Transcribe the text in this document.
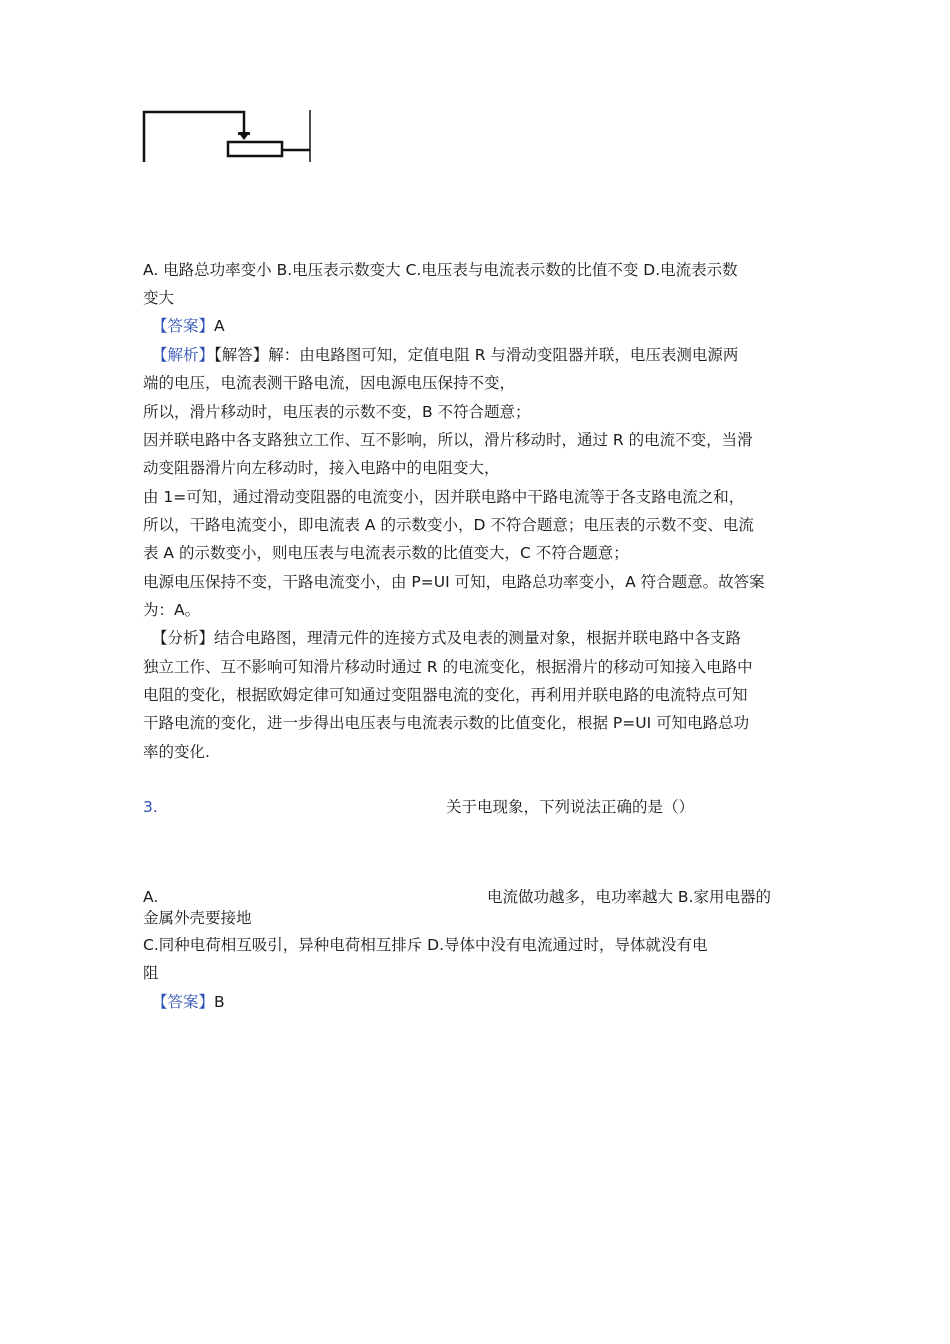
A. 电路总功率变小 B.电压表示数变大 C.电压表与电流表示数的比值不变 D.电流表示数
变大
【答案】A
【解析】【解答】解：由电路图可知，定值电阻 R 与滑动变阻器并联，电压表测电源两
端的电压，电流表测干路电流，因电源电压保持不变，
所以，滑片移动时，电压表的示数不变，B 不符合题意；
因并联电路中各支路独立工作、互不影响，所以，滑片移动时，通过 R 的电流不变，当滑
动变阻器滑片向左移动时，接入电路中的电阻变大，
由 1=可知，通过滑动变阻器的电流变小，因并联电路中干路电流等于各支路电流之和，
所以，干路电流变小，即电流表 A 的示数变小，D 不符合题意；电压表的示数不变、电流
表 A 的示数变小，则电压表与电流表示数的比值变大，C 不符合题意；
电源电压保持不变，干路电流变小，由 P=UI 可知，电路总功率变小，A 符合题意。故答案
为：A。
【分析】结合电路图，理清元件的连接方式及电表的测量对象，根据并联电路中各支路
独立工作、互不影响可知滑片移动时通过 R 的电流变化，根据滑片的移动可知接入电路中
电阻的变化，根据欧姆定律可知通过变阻器电流的变化，再利用并联电路的电流特点可知
干路电流的变化，进一步得出电压表与电流表示数的比值变化，根据 P=UI 可知电路总功
率的变化.
3.	关于电现象，下列说法正确的是（）
A.	电流做功越多，电功率越大 B.家用电器的
金属外壳要接地
C.同种电荷相互吸引，异种电荷相互排斥 D.导体中没有电流通过时，导体就没有电
阻
【答案】B
